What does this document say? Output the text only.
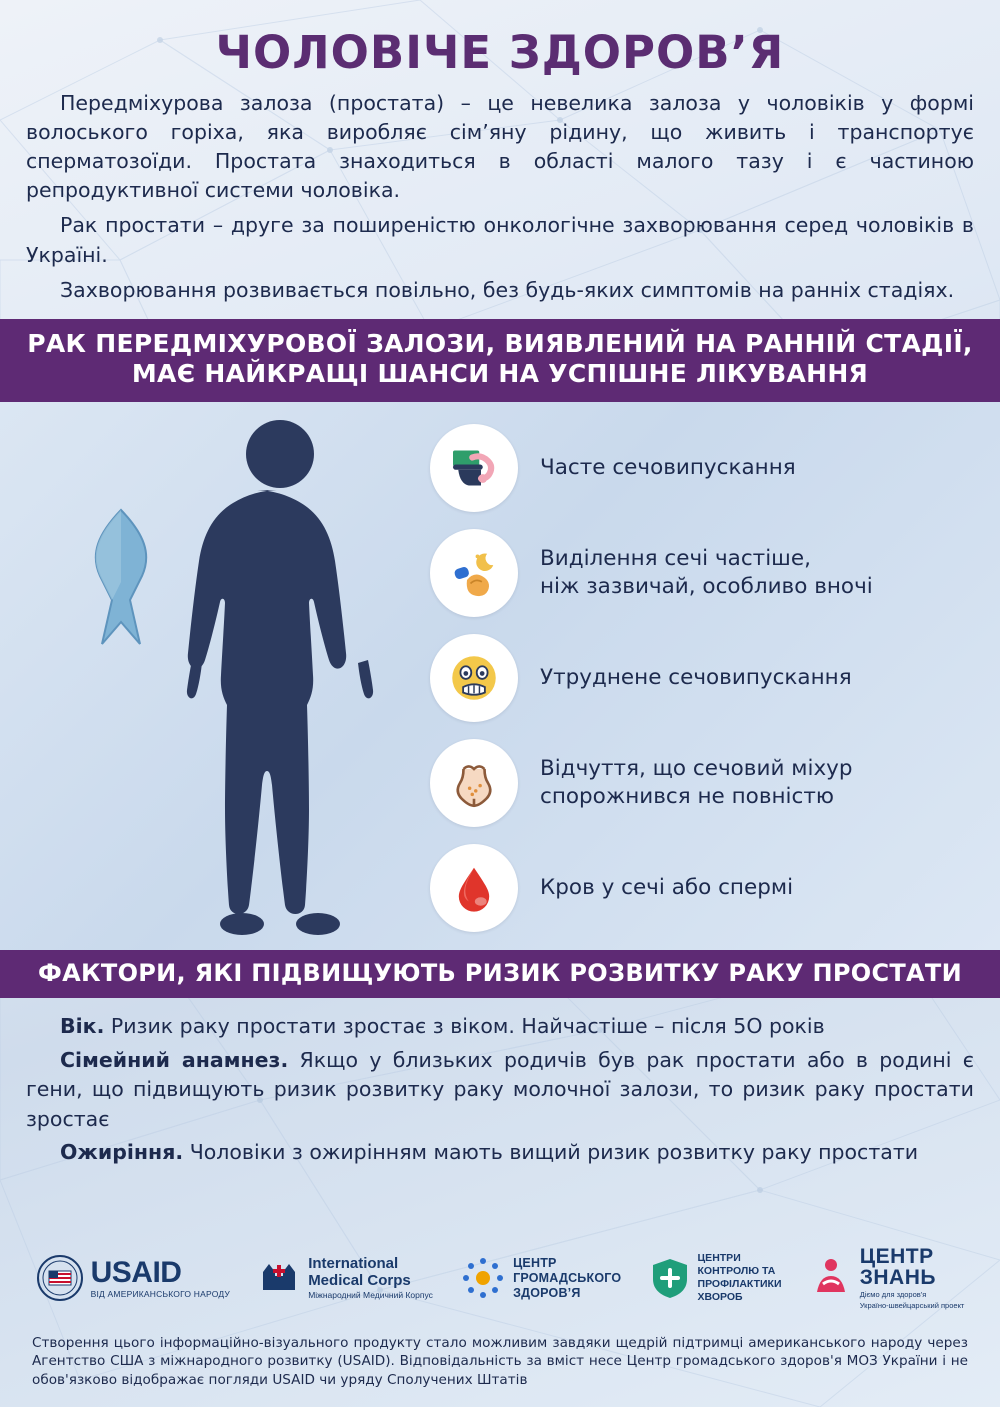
ЧОЛОВІЧЕ ЗДОРОВ’Я

Передміхурова залоза (простата) – це невелика залоза у чоловіків у формі волоського горіха, яка виробляє сім’яну рідину, що живить і транспортує сперматозоїди. Простата знаходиться в області малого тазу і є частиною репродуктивної системи чоловіка.

Рак простати – друге за поширеністю онкологічне захворювання серед чоловіків в Україні.

Захворювання розвивається повільно, без будь-яких симптомів на ранніх стадіях.

РАК ПЕРЕДМІХУРОВОЇ ЗАЛОЗИ, ВИЯВЛЕНИЙ НА РАННІЙ СТАДІЇ, МАЄ НАЙКРАЩІ ШАНСИ НА УСПІШНЕ ЛІКУВАННЯ
Часте сечовипускання
Виділення сечі частіше,
ніж зазвичай, особливо вночі
Утруднене сечовипускання
Відчуття, що сечовий міхур
спорожнився не повністю
Кров у сечі або спермі
ФАКТОРИ, ЯКІ ПІДВИЩУЮТЬ РИЗИК РОЗВИТКУ РАКУ ПРОСТАТИ

Вік. Ризик раку простати зростає з віком. Найчастіше – після 5О років

Сімейний анамнез. Якщо у близьких родичів був рак простати або в родині є гени, що підвищують ризик розвитку раку молочної залози, то ризик раку простати зростає

Ожиріння. Чоловіки з ожирінням мають вищий ризик розвитку раку простати

USAID
ВІД АМЕРИКАНСЬКОГО НАРОДУ
International
Medical Corps
Міжнародний Медичний Корпус
ЦЕНТР
ГРОМАДСЬКОГО
ЗДОРОВ’Я
ЦЕНТРИ
КОНТРОЛЮ ТА
ПРОФІЛАКТИКИ
ХВОРОБ
ЦЕНТР
ЗНАНЬ
Діємо для здоров'я
Україно-швейцарський проект
Створення цього інформаційно-візуального продукту стало можливим завдяки щедрій підтримці американського народу через Агентство США з міжнародного розвитку (USAID). Відповідальність за вміст несе Центр громадського здоров'я МОЗ України і не обов'язково відображає погляди USAID чи уряду Сполучених Штатів
